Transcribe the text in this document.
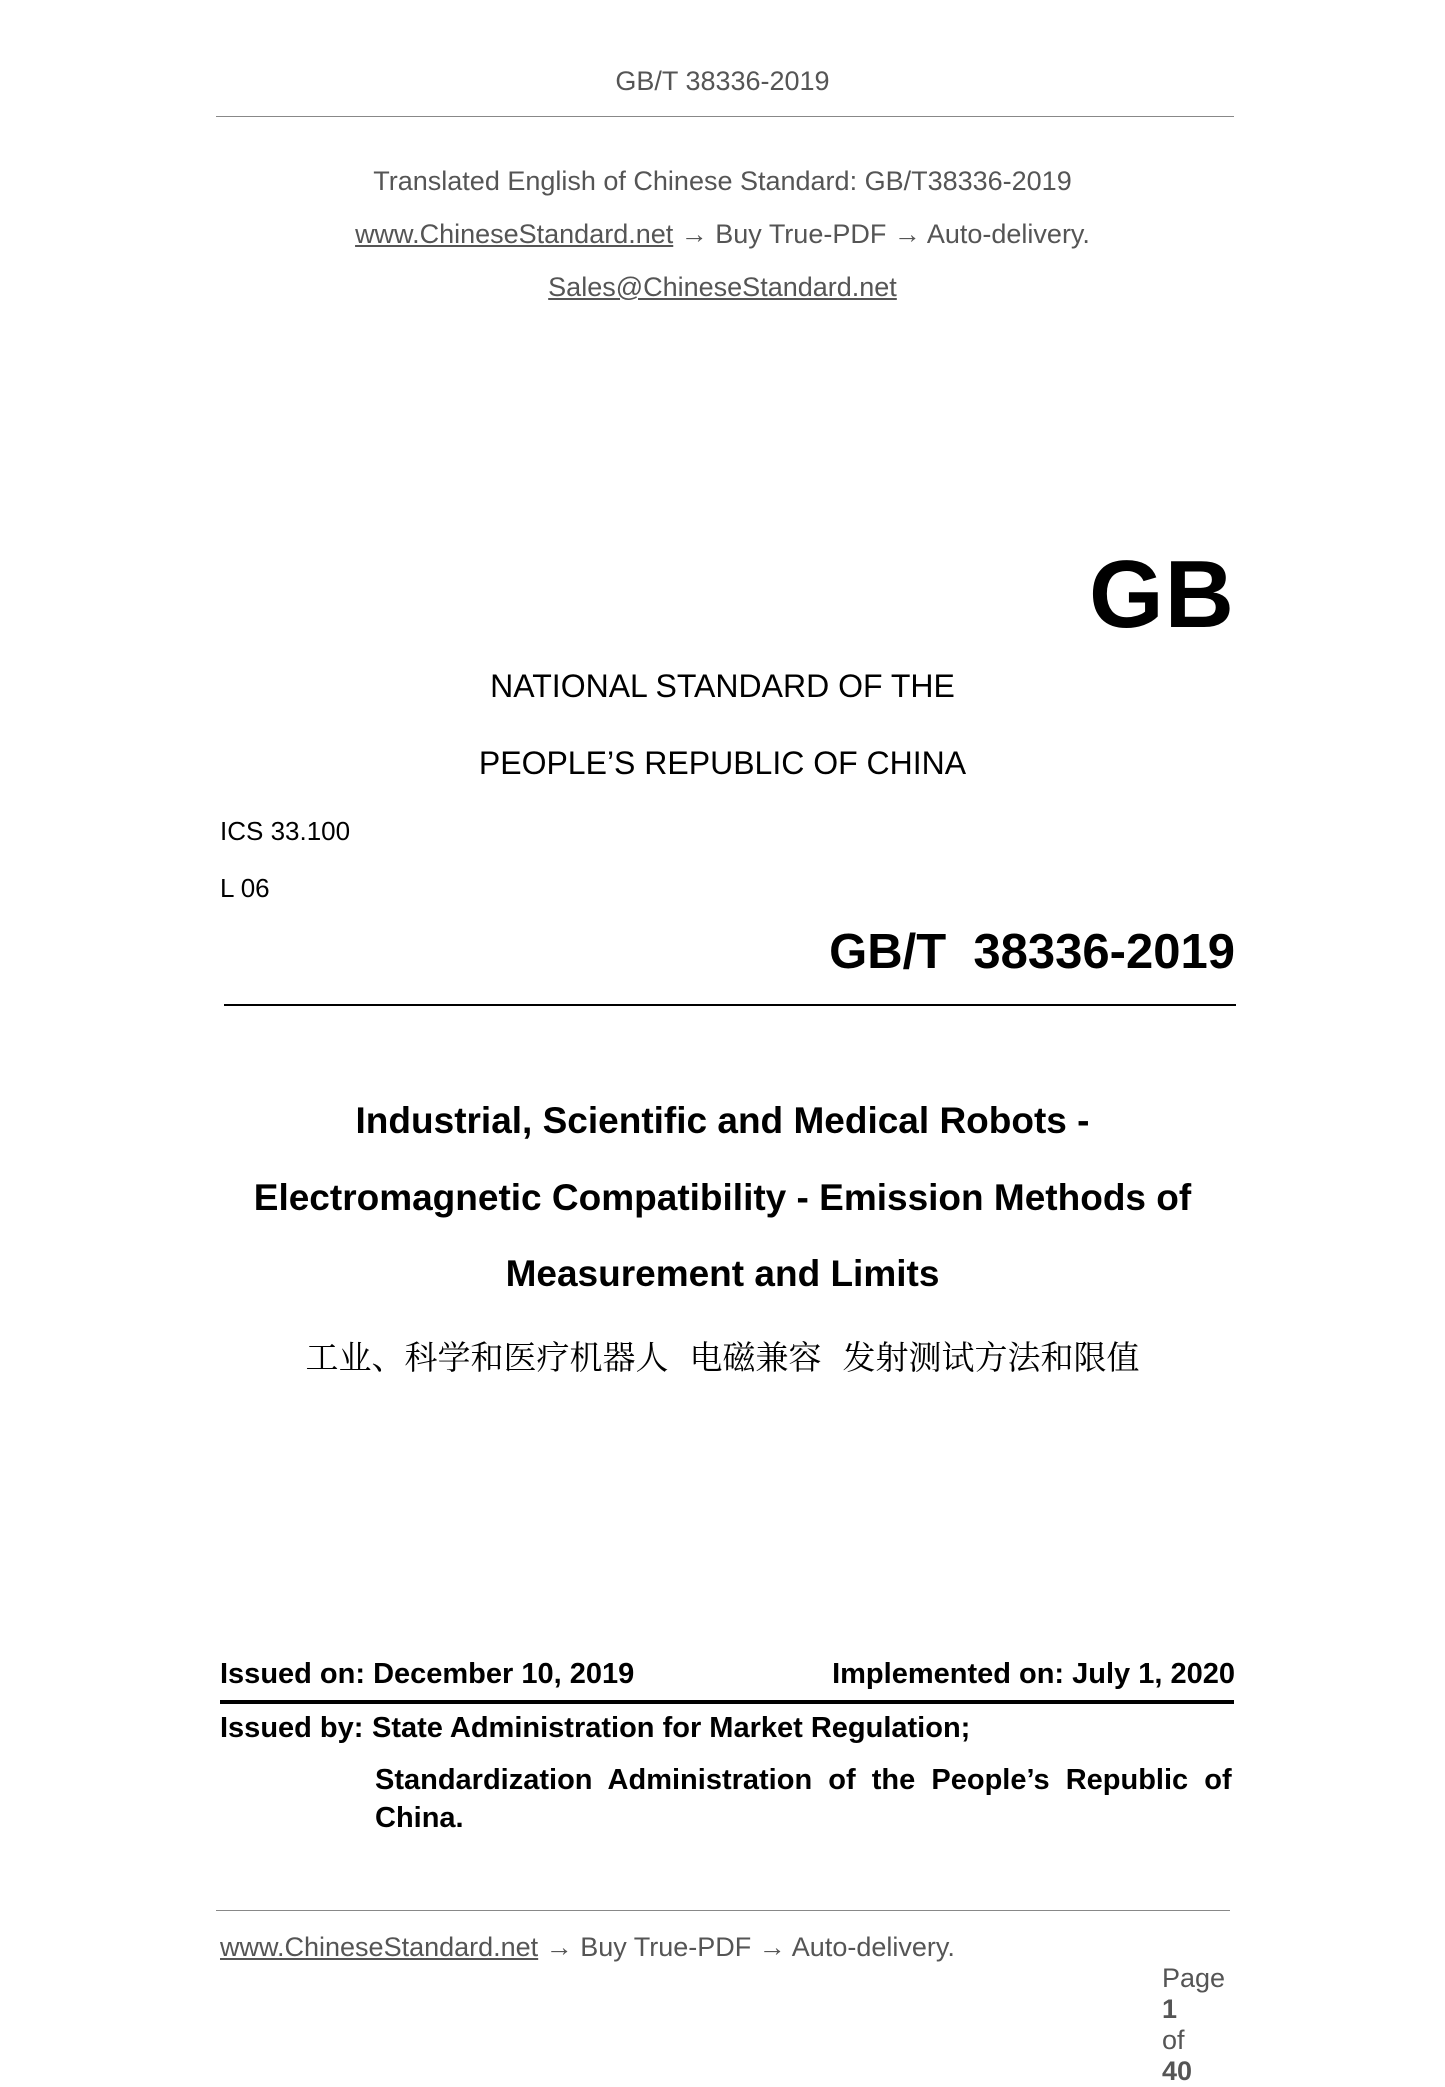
GB/T 38336-2019
Translated English of Chinese Standard: GB/T38336-2019
www.ChineseStandard.net → Buy True-PDF → Auto-delivery.
Sales@ChineseStandard.net
GB
NATIONAL STANDARD OF THE
PEOPLE’S REPUBLIC OF CHINA
ICS 33.100
L 06
GB/T  38336-2019
Industrial, Scientific and Medical Robots -
Electromagnetic Compatibility - Emission Methods of
Measurement and Limits
工业、科学和医疗机器人  电磁兼容  发射测试方法和限值
Issued on: December 10, 2019	Implemented on: July 1, 2020
Issued by: State Administration for Market Regulation;
Standardization  Administration  of  the  People’s  Republic  of
China.
www.ChineseStandard.net → Buy True-PDF → Auto-delivery.

Page
1
of
40
